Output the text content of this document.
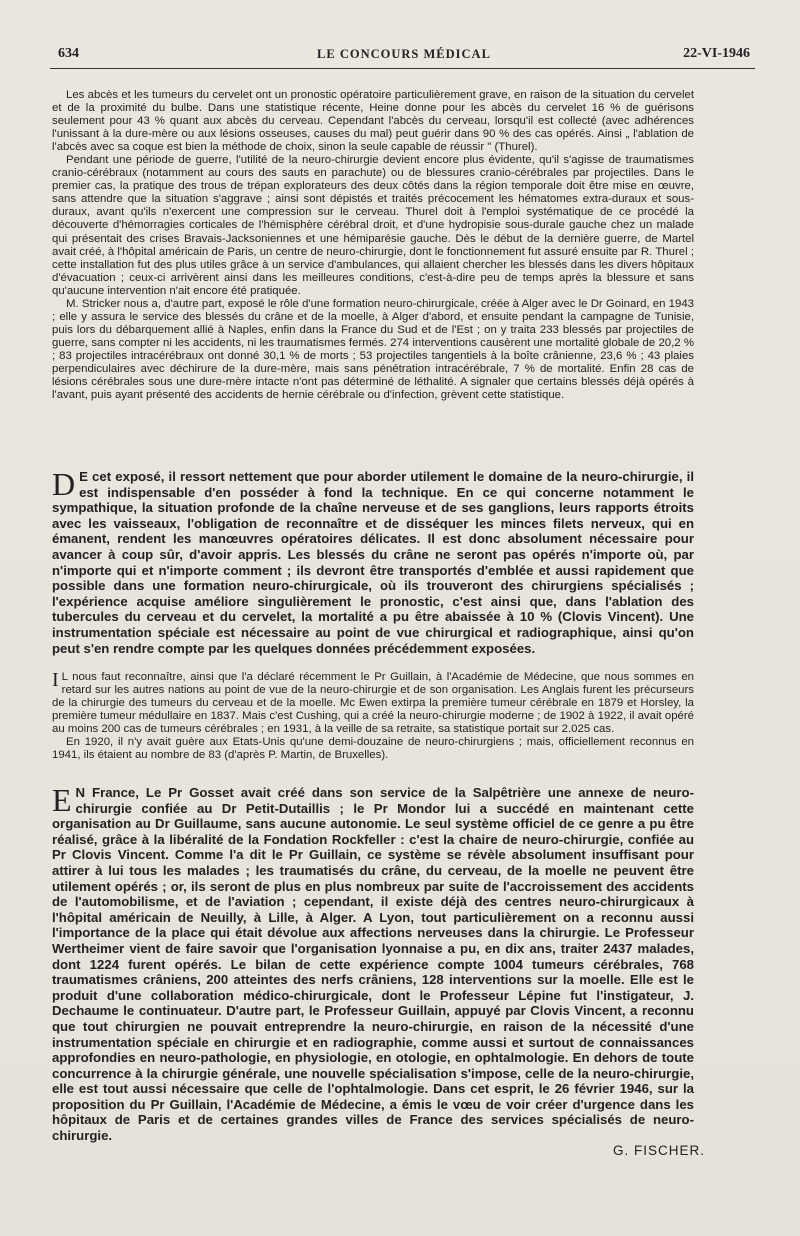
634	LE CONCOURS MÉDICAL	22-VI-1946

Les abcès et les tumeurs du cervelet ont un pronostic opératoire particulièrement grave, en raison de la situation du cervelet et de la proximité du bulbe. Dans une statistique récente, Heine donne pour les abcès du cervelet 16 % de guérisons seulement pour 43 % quant aux abcès du cerveau. Cependant l'abcès du cerveau, lorsqu'il est collecté (avec adhérences l'unissant à la dure-mère ou aux lésions osseuses, causes du mal) peut guérir dans 90 % des cas opérés. Ainsi „ l'ablation de l'abcès avec sa coque est bien la méthode de choix, sinon la seule capable de réussir " (Thurel).

Pendant une période de guerre, l'utilité de la neuro-chirurgie devient encore plus évidente, qu'il s'agisse de traumatismes cranio-cérébraux (notamment au cours des sauts en parachute) ou de blessures cranio-cérébrales par projectiles. Dans le premier cas, la pratique des trous de trépan explorateurs des deux côtés dans la région temporale doit être mise en œuvre, sans attendre que la situation s'aggrave ; ainsi sont dépistés et traités précocement les hématomes extra-duraux et sous-duraux, avant qu'ils n'exercent une compression sur le cerveau. Thurel doit à l'emploi systématique de ce procédé la découverte d'hémorragies corticales de l'hémisphère cérébral droit, et d'une hydropisie sous-durale gauche chez un malade qui présentait des crises Bravais-Jacksoniennes et une hémiparésie gauche. Dès le début de la dernière guerre, de Martel avait créé, à l'hôpital américain de Paris, un centre de neuro-chirurgie, dont le fonctionnement fut assuré ensuite par R. Thurel ; cette installation fut des plus utiles grâce à un service d'ambulances, qui allaient chercher les blessés dans les divers hôpitaux d'évacuation ; ceux-ci arrivèrent ainsi dans les meilleures conditions, c'est-à-dire peu de temps après la blessure et sans qu'aucune intervention n'ait encore été pratiquée.

M. Stricker nous a, d'autre part, exposé le rôle d'une formation neuro-chirurgicale, créée à Alger avec le Dr Goinard, en 1943 ; elle y assura le service des blessés du crâne et de la moelle, à Alger d'abord, et ensuite pendant la campagne de Tunisie, puis lors du débarquement allié à Naples, enfin dans la France du Sud et de l'Est ; on y traita 233 blessés par projectiles de guerre, sans compter ni les accidents, ni les traumatismes fermés. 274 interventions causèrent une mortalité globale de 20,2 % ; 83 projectiles intracérébraux ont donné 30,1 % de morts ; 53 projectiles tangentiels à la boîte crânienne, 23,6 % ; 43 plaies perpendiculaires avec déchirure de la dure-mère, mais sans pénétration intracérébrale, 7 % de mortalité. Enfin 28 cas de lésions cérébrales sous une dure-mère intacte n'ont pas déterminé de léthalité. A signaler que certains blessés déjà opérés à l'avant, puis ayant présenté des accidents de hernie cérébrale ou d'infection, grèvent cette statistique.

D E cet exposé, il ressort nettement que pour aborder utilement le domaine de la neuro-chirurgie, il est indispensable d'en posséder à fond la technique. En ce qui concerne notamment le sympathique, la situation profonde de la chaîne nerveuse et de ses ganglions, leurs rapports étroits avec les vaisseaux, l'obligation de reconnaître et de disséquer les minces filets nerveux, qui en émanent, rendent les manœuvres opératoires délicates. Il est donc absolument nécessaire pour avancer à coup sûr, d'avoir appris. Les blessés du crâne ne seront pas opérés n'importe où, par n'importe qui et n'importe comment ; ils devront être transportés d'emblée et aussi rapidement que possible dans une formation neuro-chirurgicale, où ils trouveront des chirurgiens spécialisés ; l'expérience acquise améliore singulièrement le pronostic, c'est ainsi que, dans l'ablation des tubercules du cerveau et du cervelet, la mortalité a pu être abaissée à 10 % (Clovis Vincent). Une instrumentation spéciale est nécessaire au point de vue chirurgical et radiographique, ainsi qu'on peut s'en rendre compte par les quelques données précédemment exposées.

I L nous faut reconnaître, ainsi que l'a déclaré récemment le Pr Guillain, à l'Académie de Médecine, que nous sommes en retard sur les autres nations au point de vue de la neuro-chirurgie et de son organisation. Les Anglais furent les précurseurs de la chirurgie des tumeurs du cerveau et de la moelle. Mc Ewen extirpa la première tumeur cérébrale en 1879 et Horsley, la première tumeur médullaire en 1837. Mais c'est Cushing, qui a créé la neuro-chirurgie moderne ; de 1902 à 1922, il avait opéré au moins 200 cas de tumeurs cérébrales ; en 1931, à la veille de sa retraite, sa statistique portait sur 2.025 cas.

En 1920, il n'y avait guère aux Etats-Unis qu'une demi-douzaine de neuro-chirurgiens ; mais, officiellement reconnus en 1941, ils étaient au nombre de 83 (d'après P. Martin, de Bruxelles).

E N France, Le Pr Gosset avait créé dans son service de la Salpêtrière une annexe de neuro-chirurgie confiée au Dr Petit-Dutaillis ; le Pr Mondor lui a succédé en maintenant cette organisation au Dr Guillaume, sans aucune autonomie. Le seul système officiel de ce genre a pu être réalisé, grâce à la libéralité de la Fondation Rockfeller : c'est la chaire de neuro-chirurgie, confiée au Pr Clovis Vincent. Comme l'a dit le Pr Guillain, ce système se révèle absolument insuffisant pour attirer à lui tous les malades ; les traumatisés du crâne, du cerveau, de la moelle ne peuvent être utilement opérés ; or, ils seront de plus en plus nombreux par suite de l'accroissement des accidents de l'automobilisme, et de l'aviation ; cependant, il existe déjà des centres neuro-chirurgicaux à l'hôpital américain de Neuilly, à Lille, à Alger. A Lyon, tout particulièrement on a reconnu aussi l'importance de la place qui était dévolue aux affections nerveuses dans la chirurgie. Le Professeur Wertheimer vient de faire savoir que l'organisation lyonnaise a pu, en dix ans, traiter 2437 malades, dont 1224 furent opérés. Le bilan de cette expérience compte 1004 tumeurs cérébrales, 768 traumatismes crâniens, 200 atteintes des nerfs crâniens, 128 interventions sur la moelle. Elle est le produit d'une collaboration médico-chirurgicale, dont le Professeur Lépine fut l'instigateur, J. Dechaume le continuateur. D'autre part, le Professeur Guillain, appuyé par Clovis Vincent, a reconnu que tout chirurgien ne pouvait entreprendre la neuro-chirurgie, en raison de la nécessité d'une instrumentation spéciale en chirurgie et en radiographie, comme aussi et surtout de connaissances approfondies en neuro-pathologie, en physiologie, en otologie, en ophtalmologie. En dehors de toute concurrence à la chirurgie générale, une nouvelle spécialisation s'impose, celle de la neuro-chirurgie, elle est tout aussi nécessaire que celle de l'ophtalmologie. Dans cet esprit, le 26 février 1946, sur la proposition du Pr Guillain, l'Académie de Médecine, a émis le vœu de voir créer d'urgence dans les hôpitaux de Paris et de certaines grandes villes de France des services spécialisés de neuro-chirurgie.

G. FISCHER.
